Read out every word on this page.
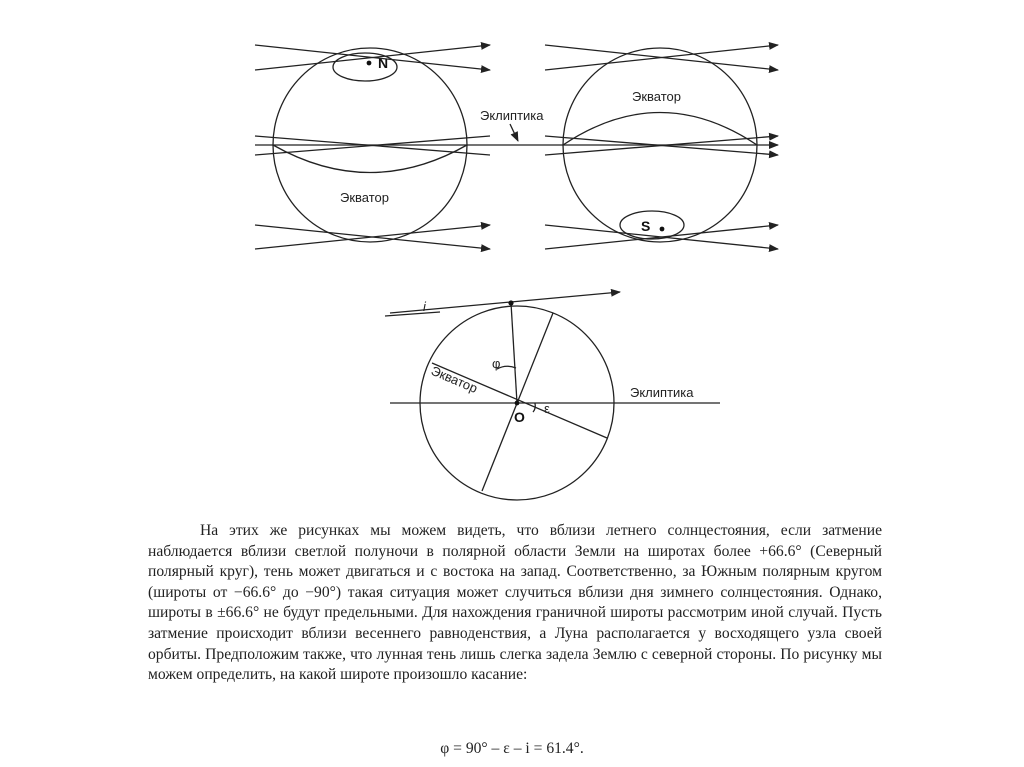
N
Экватор
Эклиптика
S
Экватор
i
φ
ε
O
Экватор	Эклиптика

На этих же рисунках мы можем видеть, что вблизи летнего солнцестояния, если затмение наблюдается вблизи светлой полуночи в полярной области Земли на широтах более +66.6° (Северный полярный круг), тень может двигаться и с востока на запад. Соответственно, за Южным полярным кругом (широты от −66.6° до −90°) такая ситуация может случиться вблизи дня зимнего солнцестояния. Однако, широты в ±66.6° не будут предельными. Для нахождения граничной широты рассмотрим иной случай. Пусть затмение происходит вблизи весеннего равноденствия, а Луна располагается у восходящего узла своей орбиты. Предположим также, что лунная тень лишь слегка задела Землю с северной стороны. По рисунку мы можем определить, на какой широте произошло касание:

φ = 90° – ε – i = 61.4°.
